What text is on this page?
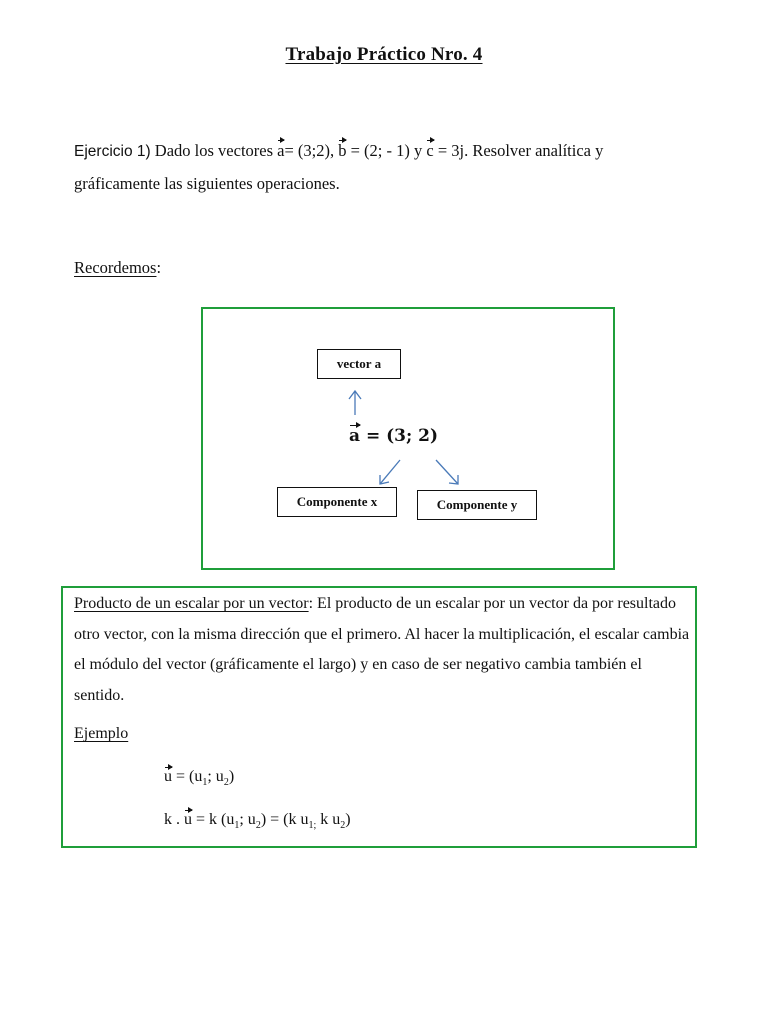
Trabajo Práctico Nro. 4
Ejercicio 1) Dado los vectores a= (3;2), b = (2; - 1) y c = 3j. Resolver analítica y
gráficamente las siguientes operaciones.
Recordemos:
vector a
a = (3; 2)
Componente x	Componente y
Producto de un escalar por un vector: El producto de un escalar por un vector da por resultado otro vector, con la misma dirección que el primero. Al hacer la multiplicación, el escalar cambia el módulo del vector (gráficamente el largo) y en caso de ser negativo cambia también el sentido.
Ejemplo
$u = (u_1$; $u_2$)
k . u = k ($u_1$; $u_2) = (k$ $u_{1;}$ k $u_2$)
